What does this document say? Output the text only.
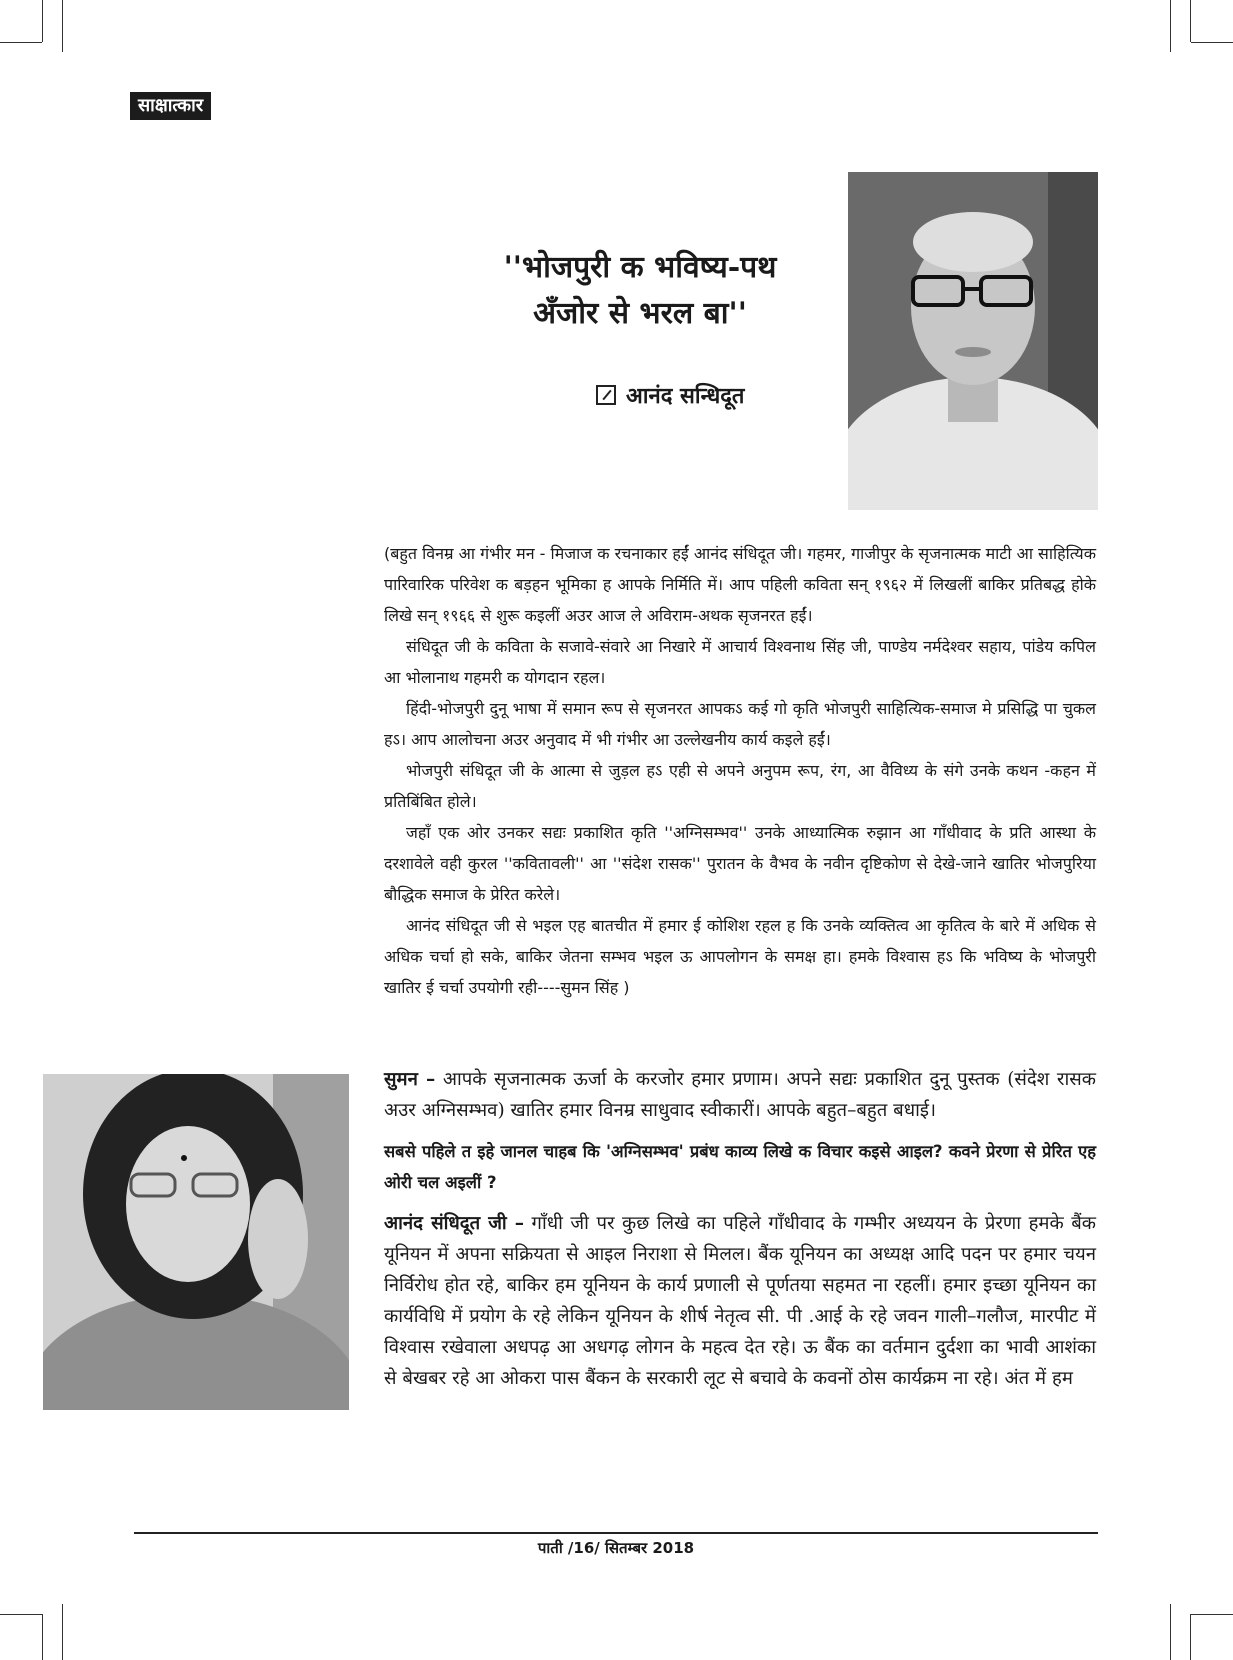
साक्षात्कार
''भोजपुरी क भविष्य-पथ
अँजोर से भरल बा''
आनंद सन्धिदूत

(बहुत विनम्र आ गंभीर मन - मिजाज क रचनाकार हईं आनंद संधिदूत जी। गहमर, गाजीपुर के सृजनात्मक माटी आ साहित्यिक पारिवारिक परिवेश क बड़हन भूमिका ह आपके निर्मिति में। आप पहिली कविता सन् १९६२ में लिखलीं बाकिर प्रतिबद्ध होके लिखे सन् १९६६ से शुरू कइलीं अउर आज ले अविराम-अथक सृजनरत हईं।

संधिदूत जी के कविता के सजावे-संवारे आ निखारे में आचार्य विश्वनाथ सिंह जी, पाण्डेय नर्मदेश्वर सहाय, पांडेय कपिल आ भोलानाथ गहमरी क योगदान रहल।

हिंदी-भोजपुरी दुनू भाषा में समान रूप से सृजनरत आपकऽ कई गो कृति भोजपुरी साहित्यिक-समाज मे प्रसिद्धि पा चुकल हऽ। आप आलोचना अउर अनुवाद में भी गंभीर आ उल्लेखनीय कार्य कइले हईं।

भोजपुरी संधिदूत जी के आत्मा से जुड़ल हऽ एही से अपने अनुपम रूप, रंग, आ वैविध्य के संगे उनके कथन -कहन में प्रतिबिंबित होले।

जहाँ एक ओर उनकर सद्यः प्रकाशित कृति ''अग्निसम्भव'' उनके आध्यात्मिक रुझान आ गाँधीवाद के प्रति आस्था के दरशावेले वही कुरल ''कवितावली'' आ ''संदेश रासक'' पुरातन के वैभव के नवीन दृष्टिकोण से देखे-जाने खातिर भोजपुरिया बौद्धिक समाज के प्रेरित करेले।

आनंद संधिदूत जी से भइल एह बातचीत में हमार ई कोशिश रहल ह कि उनके व्यक्तित्व आ कृतित्व के बारे में अधिक से अधिक चर्चा हो सके, बाकिर जेतना सम्भव भइल ऊ आपलोगन के समक्ष हा। हमके विश्वास हऽ कि भविष्य के भोजपुरी खातिर ई चर्चा उपयोगी रही----सुमन सिंह )

सुमन – आपके सृजनात्मक ऊर्जा के करजोर हमार प्रणाम। अपने सद्यः प्रकाशित दुनू पुस्तक (संदेश रासक अउर अग्निसम्भव) खातिर हमार विनम्र साधुवाद स्वीकारीं। आपके बहुत–बहुत बधाई।

सबसे पहिले त इहे जानल चाहब कि 'अग्निसम्भव' प्रबंध काव्य लिखे क विचार कइसे आइल? कवने प्रेरणा से प्रेरित एह ओरी चल अइलीं ?

आनंद संधिदूत जी – गाँधी जी पर कुछ लिखे का पहिले गाँधीवाद के गम्भीर अध्ययन के प्रेरणा हमके बैंक यूनियन में अपना सक्रियता से आइल निराशा से मिलल। बैंक यूनियन का अध्यक्ष आदि पदन पर हमार चयन निर्विरोध होत रहे, बाकिर हम यूनियन के कार्य प्रणाली से पूर्णतया सहमत ना रहलीं। हमार इच्छा यूनियन का कार्यविधि में प्रयोग के रहे लेकिन यूनियन के शीर्ष नेतृत्व सी. पी .आई के रहे जवन गाली–गलौज, मारपीट में विश्वास रखेवाला अधपढ़ आ अधगढ़ लोगन के महत्व देत रहे। ऊ बैंक का वर्तमान दुर्दशा का भावी आशंका से बेखबर रहे आ ओकरा पास बैंकन के सरकारी लूट से बचावे के कवनों ठोस कार्यक्रम ना रहे। अंत में हम

पाती /16/ सितम्बर 2018
